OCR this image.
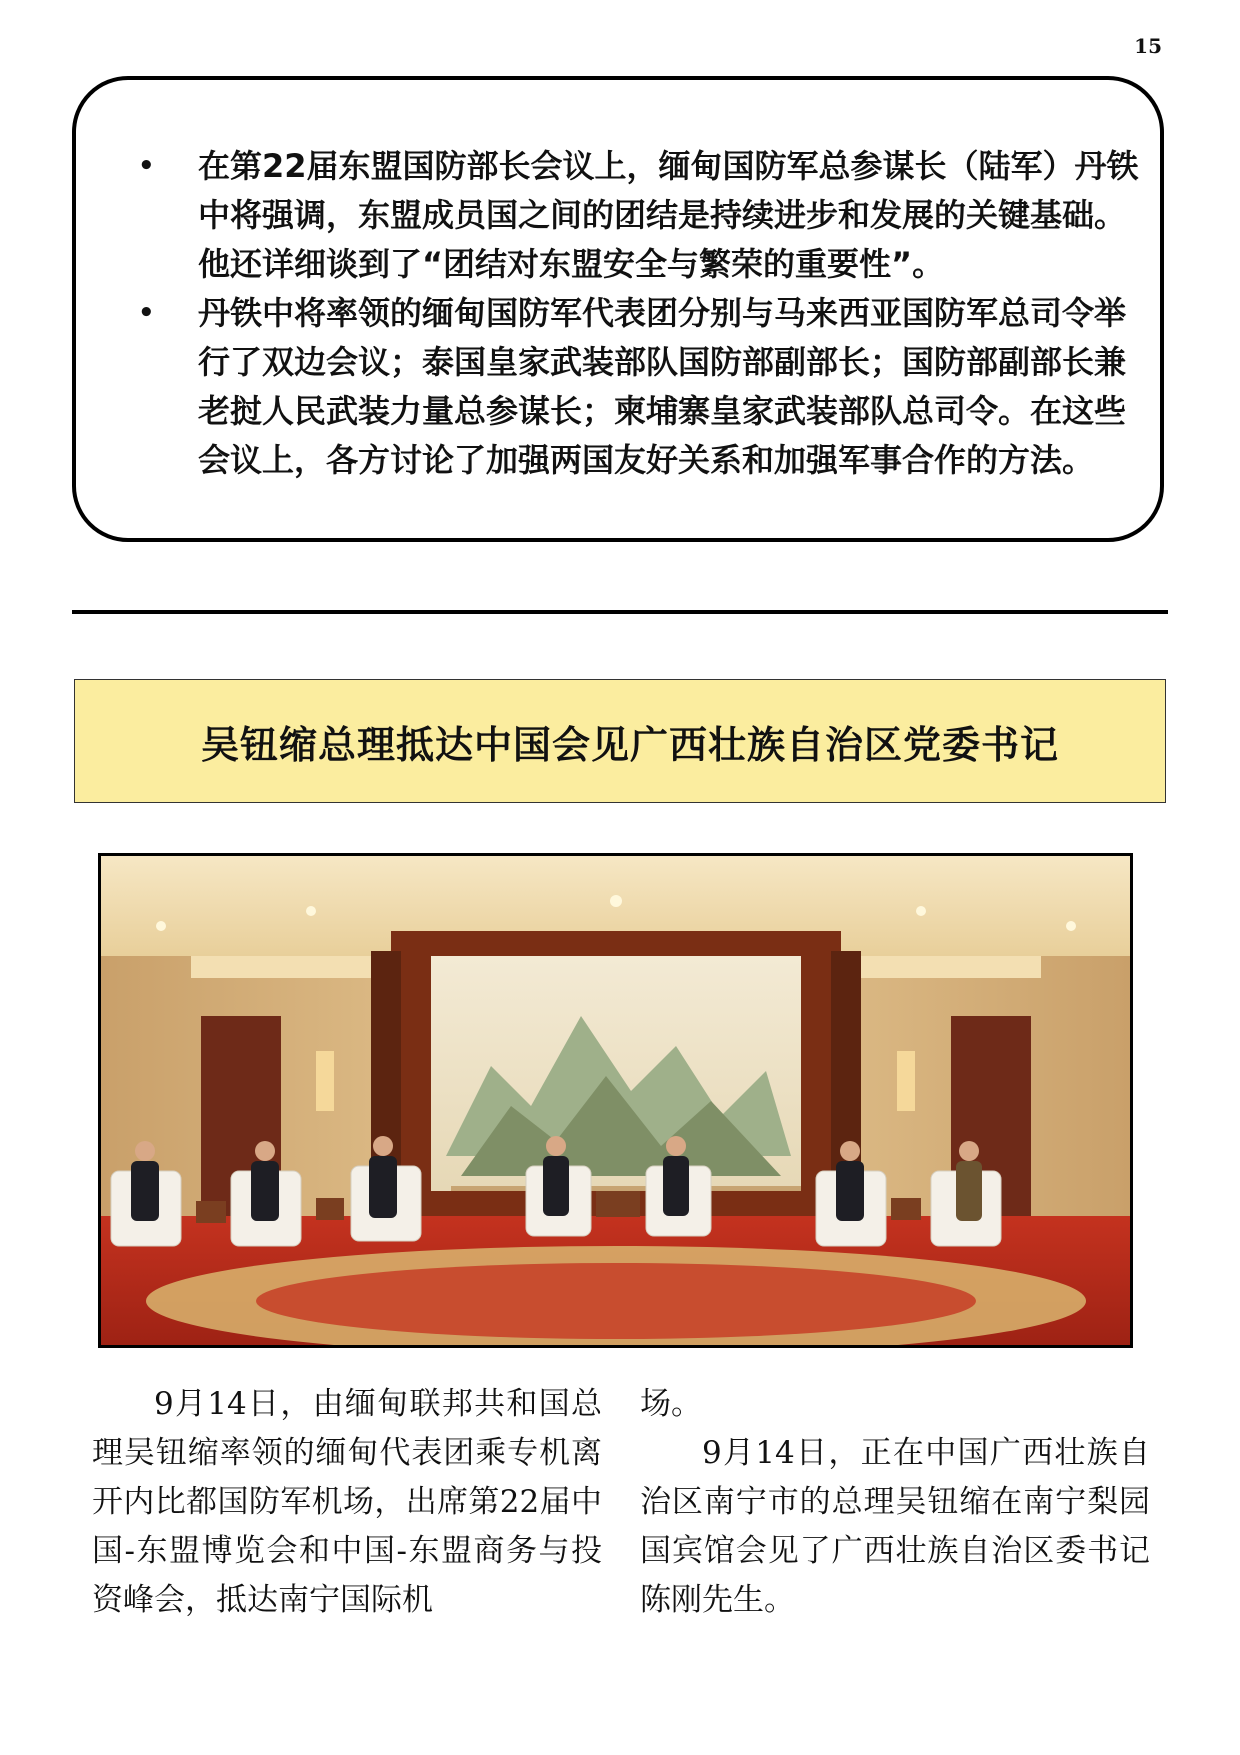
15
• 在第22届东盟国防部长会议上，缅甸国防军总参谋长（陆军）丹铁中将强调，东盟成员国之间的团结是持续进步和发展的关键基础。他还详细谈到了“团结对东盟安全与繁荣的重要性”。
• 丹铁中将率领的缅甸国防军代表团分别与马来西亚国防军总司令举行了双边会议；泰国皇家武装部队国防部副部长；国防部副部长兼老挝人民武装力量总参谋长；柬埔寨皇家武装部队总司令。在这些会议上，各方讨论了加强两国友好关系和加强军事合作的方法。
吴钮缩总理抵达中国会见广西壮族自治区党委书记

9月14日，由缅甸联邦共和国总理吴钮缩率领的缅甸代表团乘专机离开内比都国防军机场，出席第22届中国-东盟博览会和中国-东盟商务与投资峰会，抵达南宁国际机

场。

9月14日，正在中国广西壮族自治区南宁市的总理吴钮缩在南宁梨园国宾馆会见了广西壮族自治区委书记陈刚先生。
